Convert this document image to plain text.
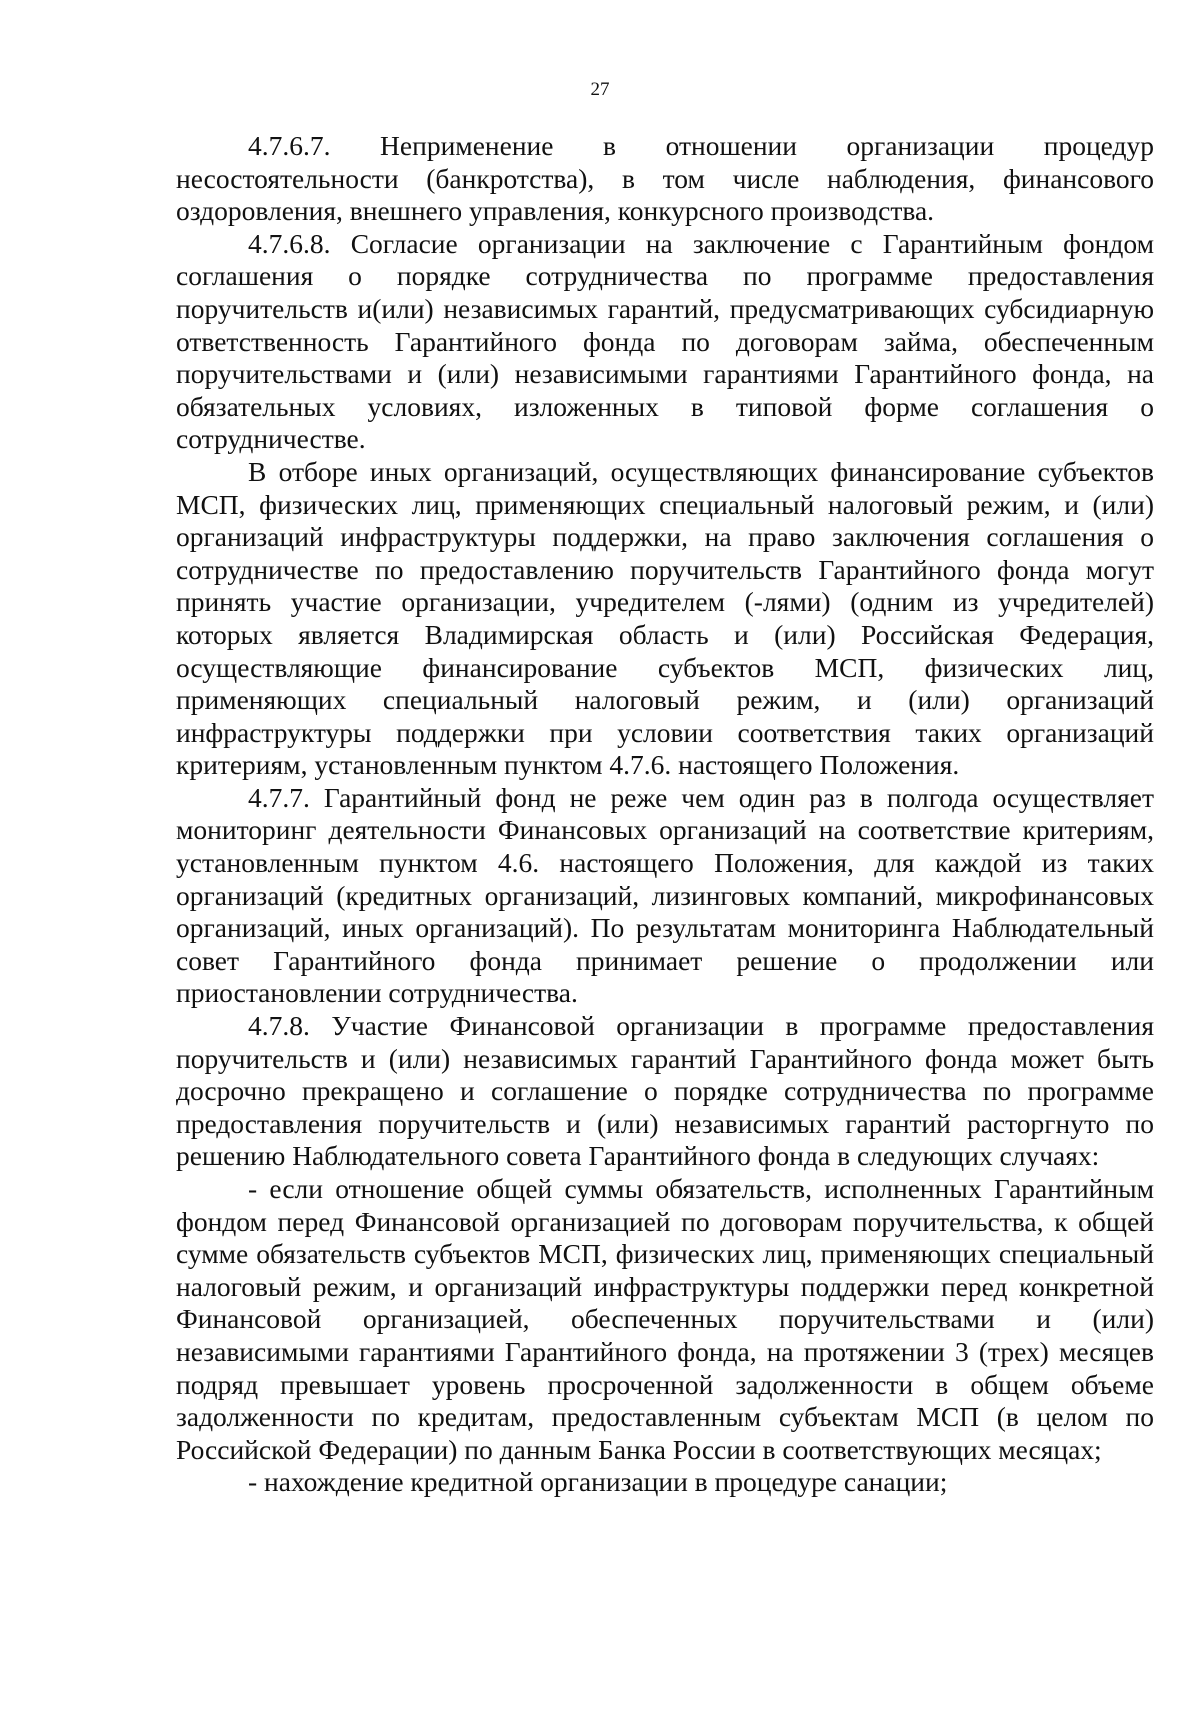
27

4.7.6.7. Неприменение в отношении организации процедур несостоятельности (банкротства), в том числе наблюдения, финансового оздоровления, внешнего управления, конкурсного производства.

4.7.6.8. Согласие организации на заключение с Гарантийным фондом соглашения о порядке сотрудничества по программе предоставления поручительств и(или) независимых гарантий, предусматривающих субсидиарную ответственность Гарантийного фонда по договорам займа, обеспеченным поручительствами и (или) независимыми гарантиями Гарантийного фонда, на обязательных условиях, изложенных в типовой форме соглашения о сотрудничестве.

В отборе иных организаций, осуществляющих финансирование субъектов МСП, физических лиц, применяющих специальный налоговый режим, и (или) организаций инфраструктуры поддержки, на право заключения соглашения о сотрудничестве по предоставлению поручительств Гарантийного фонда могут принять участие организации, учредителем (-лями) (одним из учредителей) которых является Владимирская область и (или) Российская Федерация, осуществляющие финансирование субъектов МСП, физических лиц, применяющих специальный налоговый режим, и (или) организаций инфраструктуры поддержки при условии соответствия таких организаций критериям, установленным пунктом 4.7.6. настоящего Положения.

4.7.7. Гарантийный фонд не реже чем один раз в полгода осуществляет мониторинг деятельности Финансовых организаций на соответствие критериям, установленным пунктом 4.6. настоящего Положения, для каждой из таких организаций (кредитных организаций, лизинговых компаний, микрофинансовых организаций, иных организаций). По результатам мониторинга Наблюдательный совет Гарантийного фонда принимает решение о продолжении или приостановлении сотрудничества.

4.7.8. Участие Финансовой организации в программе предоставления поручительств и (или) независимых гарантий Гарантийного фонда может быть досрочно прекращено и соглашение о порядке сотрудничества по программе предоставления поручительств и (или) независимых гарантий расторгнуто по решению Наблюдательного совета Гарантийного фонда в следующих случаях:

- если отношение общей суммы обязательств, исполненных Гарантийным фондом перед Финансовой организацией по договорам поручительства, к общей сумме обязательств субъектов МСП, физических лиц, применяющих специальный налоговый режим, и организаций инфраструктуры поддержки перед конкретной Финансовой организацией, обеспеченных поручительствами и (или) независимыми гарантиями Гарантийного фонда, на протяжении 3 (трех) месяцев подряд превышает уровень просроченной задолженности в общем объеме задолженности по кредитам, предоставленным субъектам МСП (в целом по Российской Федерации) по данным Банка России в соответствующих месяцах;

- нахождение кредитной организации в процедуре санации;
